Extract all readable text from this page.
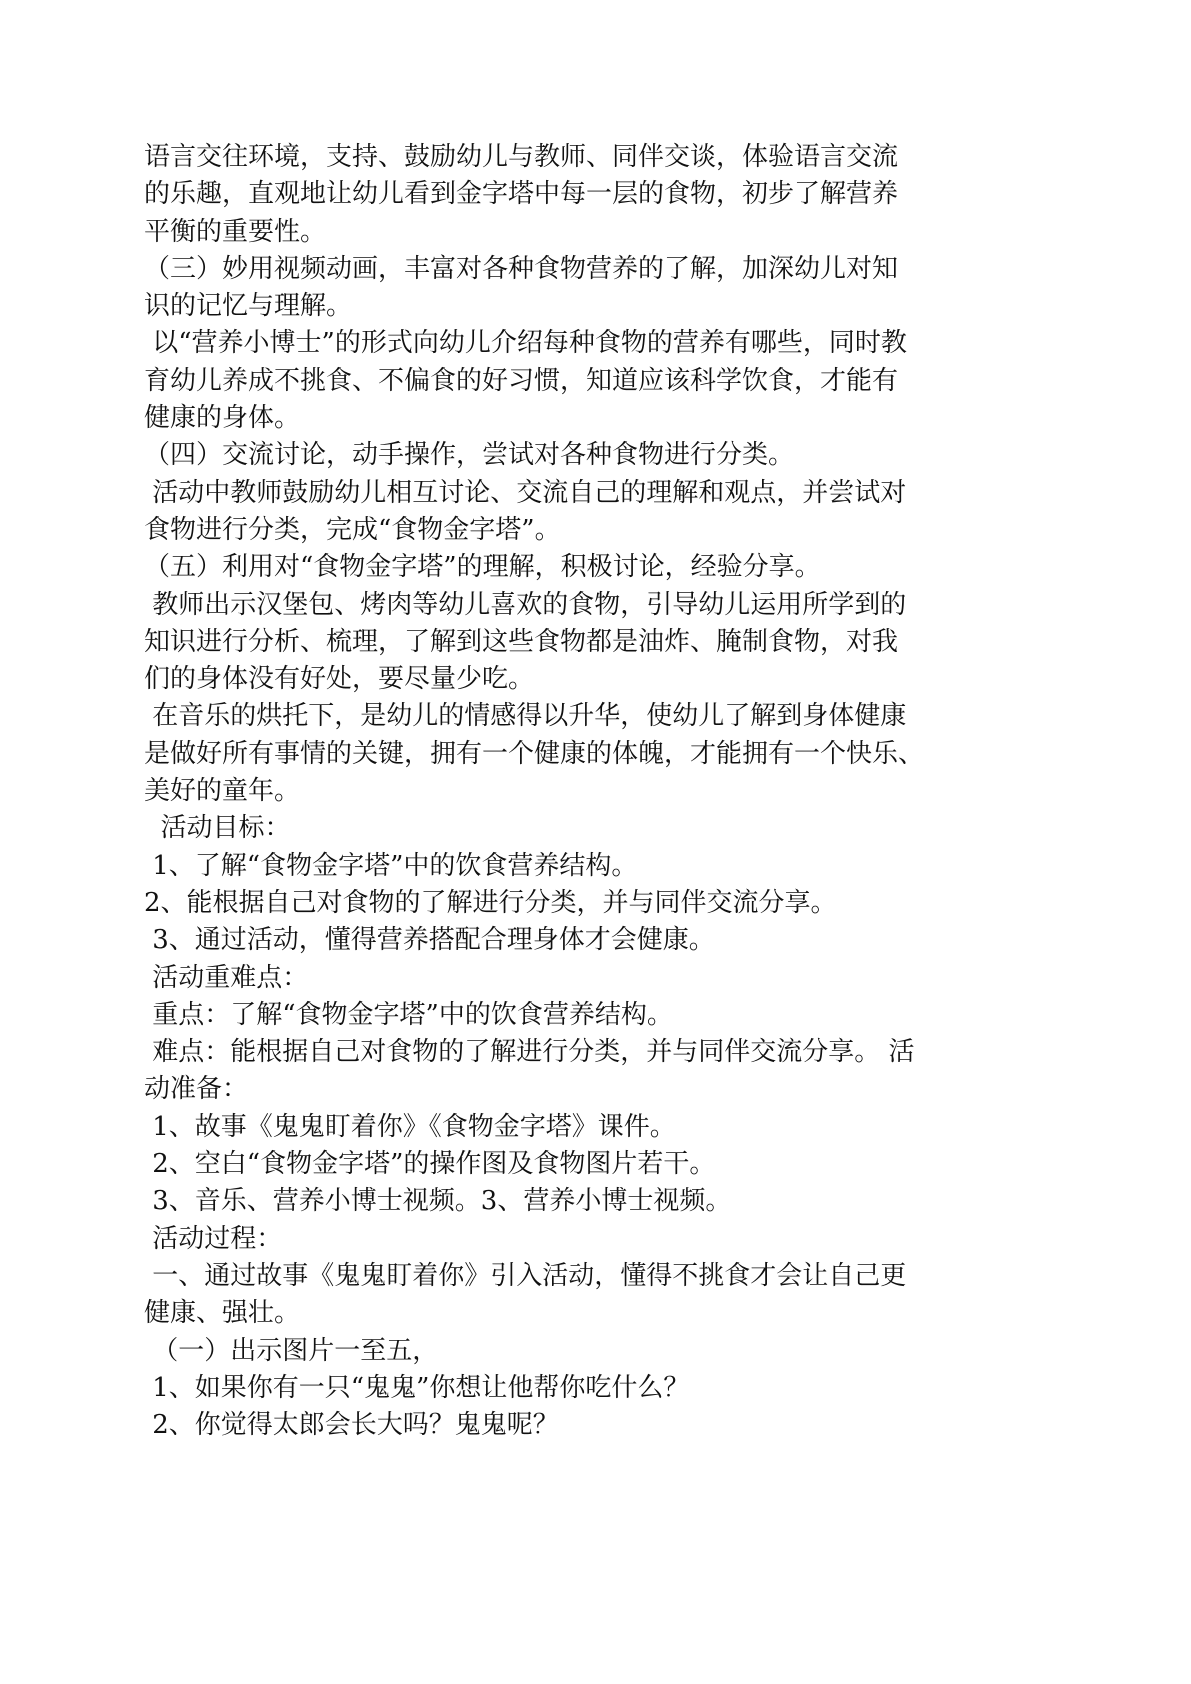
语言交往环境，支持、鼓励幼儿与教师、同伴交谈，体验语言交流
的乐趣，直观地让幼儿看到金字塔中每一层的食物，初步了解营养
平衡的重要性。
（三）妙用视频动画，丰富对各种食物营养的了解，加深幼儿对知
识的记忆与理解。
以“营养小博士”的形式向幼儿介绍每种食物的营养有哪些，同时教
育幼儿养成不挑食、不偏食的好习惯，知道应该科学饮食，才能有
健康的身体。
（四）交流讨论，动手操作，尝试对各种食物进行分类。
活动中教师鼓励幼儿相互讨论、交流自己的理解和观点，并尝试对
食物进行分类，完成“食物金字塔”。
（五）利用对“食物金字塔”的理解，积极讨论，经验分享。
教师出示汉堡包、烤肉等幼儿喜欢的食物，引导幼儿运用所学到的
知识进行分析、梳理，了解到这些食物都是油炸、腌制食物，对我
们的身体没有好处，要尽量少吃。
在音乐的烘托下，是幼儿的情感得以升华，使幼儿了解到身体健康
是做好所有事情的关键，拥有一个健康的体魄，才能拥有一个快乐、
美好的童年。
活动目标：
1、了解“食物金字塔”中的饮食营养结构。
2、能根据自己对食物的了解进行分类，并与同伴交流分享。
3、通过活动，懂得营养搭配合理身体才会健康。
活动重难点：
重点：了解“食物金字塔”中的饮食营养结构。
难点：能根据自己对食物的了解进行分类，并与同伴交流分享。 活
动准备：
1、故事《鬼鬼盯着你》《食物金字塔》课件。
2、空白“食物金字塔”的操作图及食物图片若干。
3、音乐、营养小博士视频。3、营养小博士视频。
活动过程：
一、通过故事《鬼鬼盯着你》引入活动，懂得不挑食才会让自己更
健康、强壮。
（一）出示图片一至五，
1、如果你有一只“鬼鬼”你想让他帮你吃什么？
2、你觉得太郎会长大吗？鬼鬼呢？
